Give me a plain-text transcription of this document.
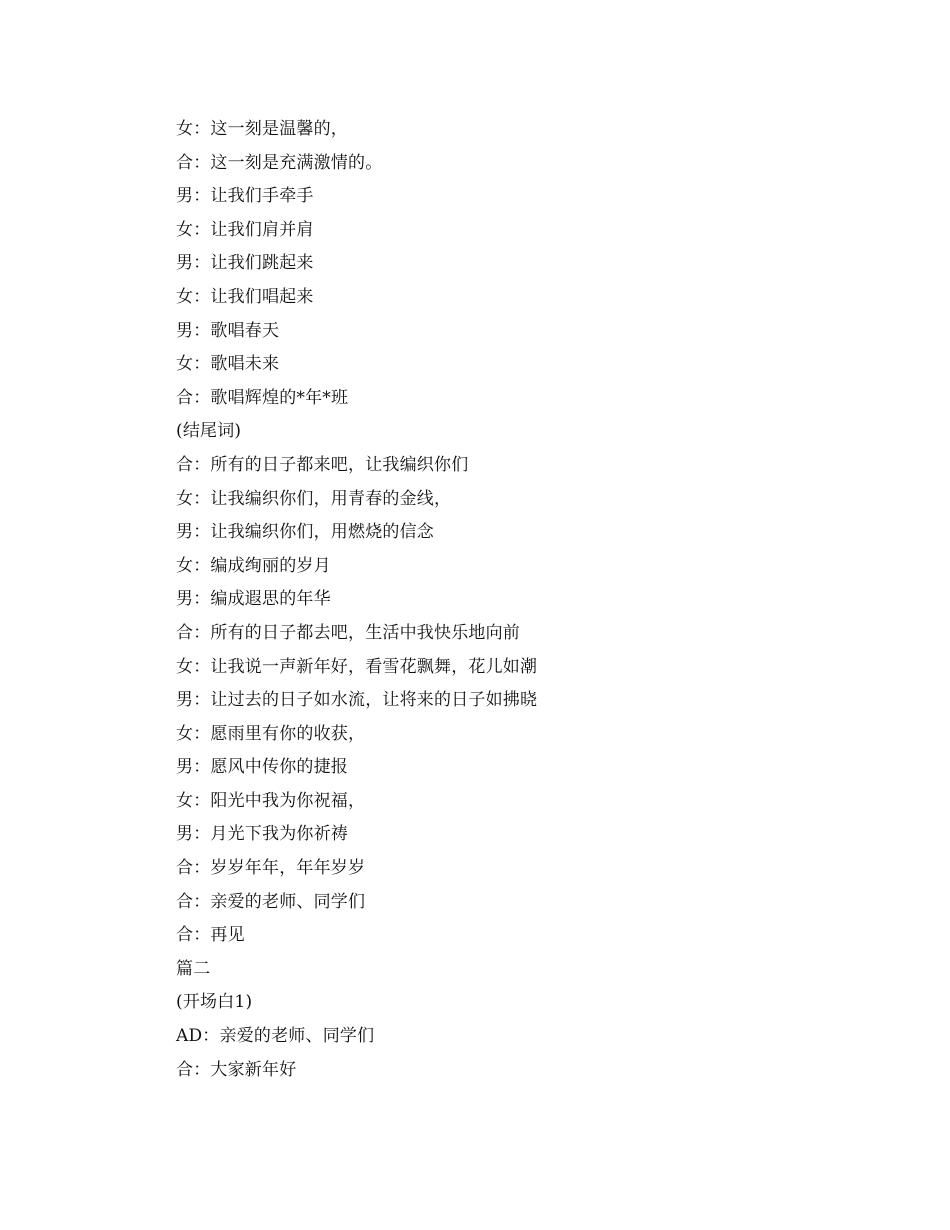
女：这一刻是温馨的，
合：这一刻是充满激情的。
男：让我们手牵手
女：让我们肩并肩
男：让我们跳起来
女：让我们唱起来
男：歌唱春天
女：歌唱未来
合：歌唱辉煌的*年*班
(结尾词)
合：所有的日子都来吧，让我编织你们
女：让我编织你们，用青春的金线，
男：让我编织你们，用燃烧的信念
女：编成绚丽的岁月
男：编成遐思的年华
合：所有的日子都去吧，生活中我快乐地向前
女：让我说一声新年好，看雪花飘舞，花儿如潮
男：让过去的日子如水流，让将来的日子如拂晓
女：愿雨里有你的收获，
男：愿风中传你的捷报
女：阳光中我为你祝福，
男：月光下我为你祈祷
合：岁岁年年，年年岁岁
合：亲爱的老师、同学们
合：再见
篇二
(开场白1)
AD：亲爱的老师、同学们
合：大家新年好
